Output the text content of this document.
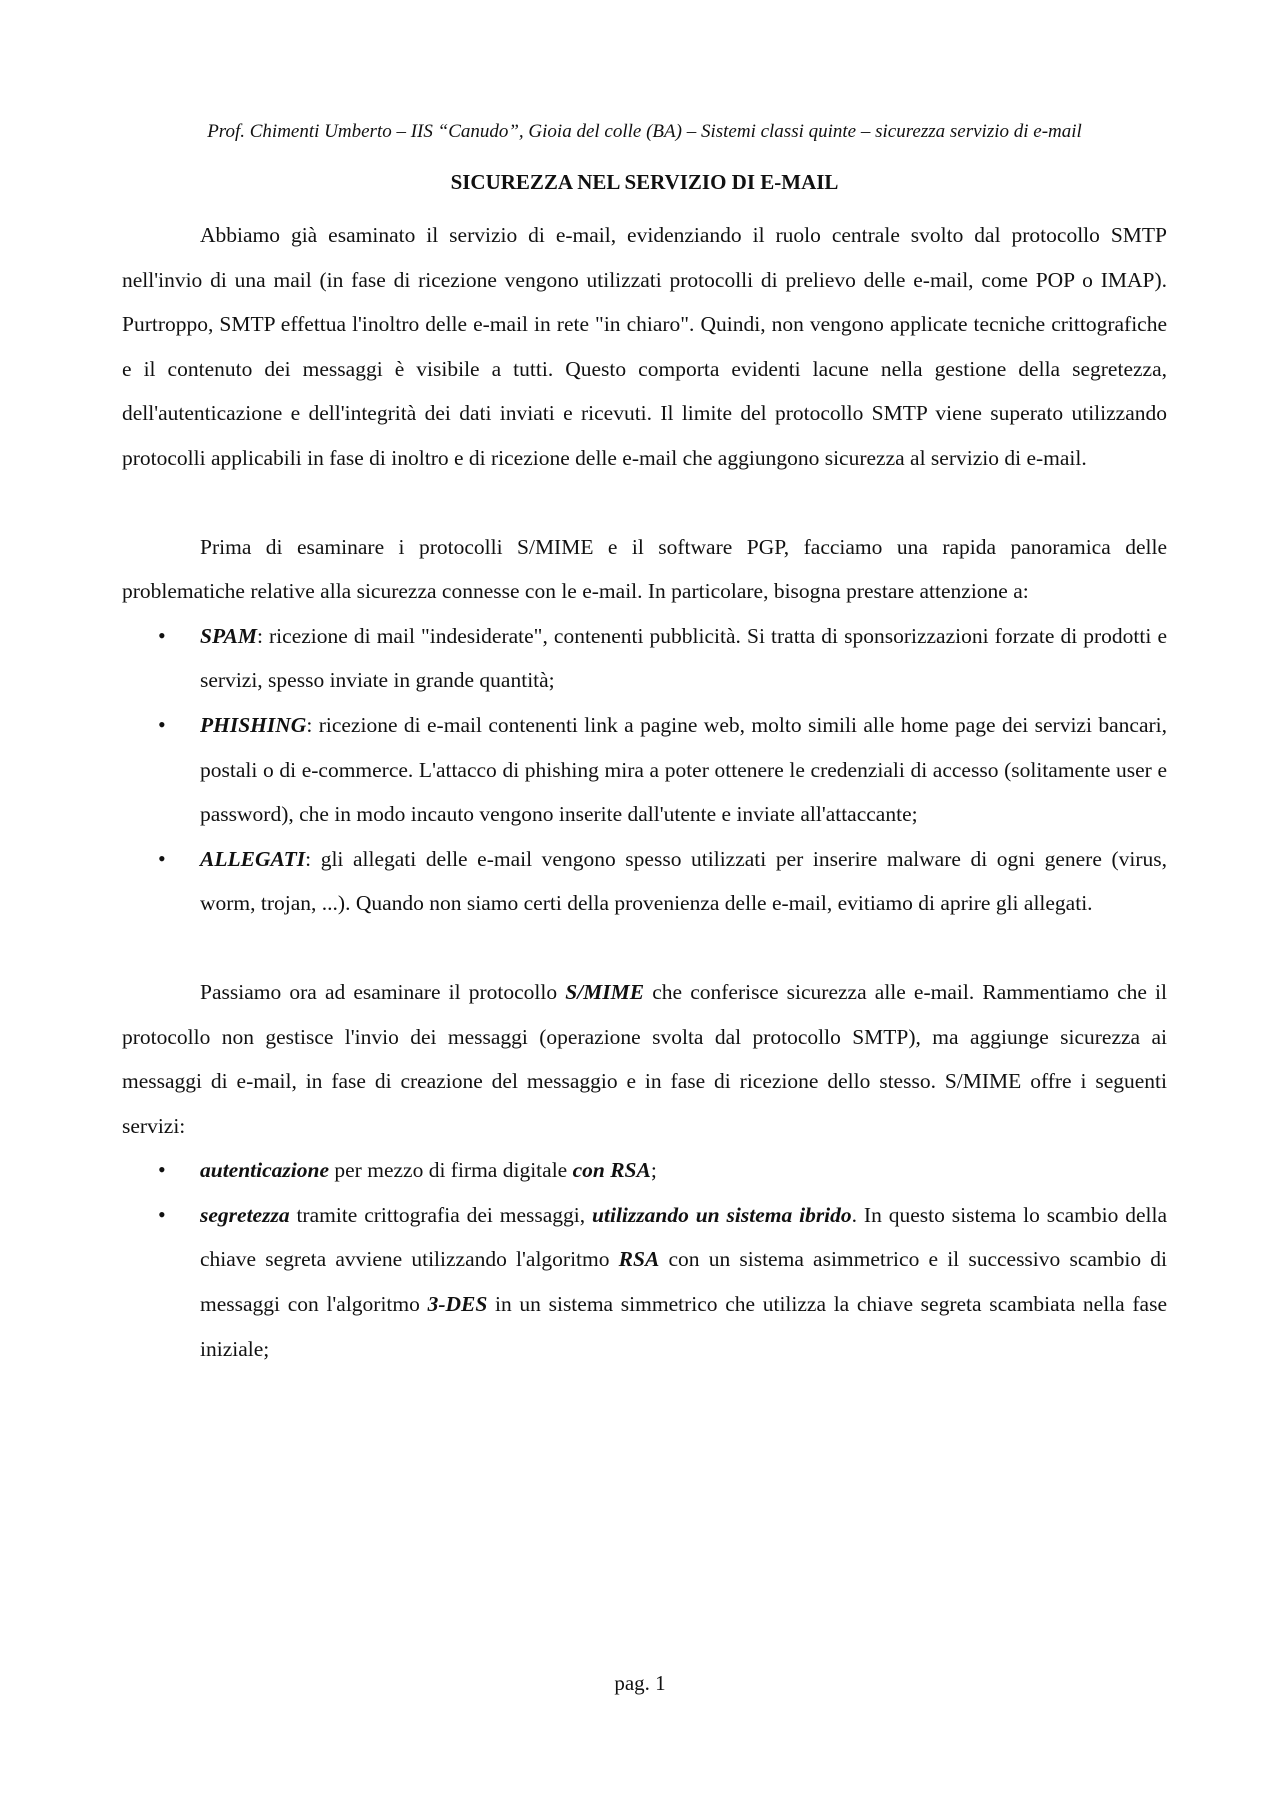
Prof. Chimenti Umberto – IIS “Canudo”, Gioia del colle (BA) – Sistemi classi quinte – sicurezza servizio di e-mail
SICUREZZA NEL SERVIZIO DI E-MAIL

Abbiamo già esaminato il servizio di e-mail, evidenziando il ruolo centrale svolto dal protocollo SMTP nell'invio di una mail (in fase di ricezione vengono utilizzati protocolli di prelievo delle e-mail, come POP o IMAP). Purtroppo, SMTP effettua l'inoltro delle e-mail in rete "in chiaro". Quindi, non vengono applicate tecniche crittografiche e il contenuto dei messaggi è visibile a tutti. Questo comporta evidenti lacune nella gestione della segretezza, dell'autenticazione e dell'integrità dei dati inviati e ricevuti. Il limite del protocollo SMTP viene superato utilizzando protocolli applicabili in fase di inoltro e di ricezione delle e-mail che aggiungono sicurezza al servizio di e-mail.

Prima di esaminare i protocolli S/MIME e il software PGP, facciamo una rapida panoramica delle problematiche relative alla sicurezza connesse con le e-mail. In particolare, bisogna prestare attenzione a:

• SPAM: ricezione di mail "indesiderate", contenenti pubblicità. Si tratta di sponsorizzazioni forzate di prodotti e servizi, spesso inviate in grande quantità;
• PHISHING: ricezione di e-mail contenenti link a pagine web, molto simili alle home page dei servizi bancari, postali o di e-commerce. L'attacco di phishing mira a poter ottenere le credenziali di accesso (solitamente user e password), che in modo incauto vengono inserite dall'utente e inviate all'attaccante;
• ALLEGATI: gli allegati delle e-mail vengono spesso utilizzati per inserire malware di ogni genere (virus, worm, trojan, ...). Quando non siamo certi della provenienza delle e-mail, evitiamo di aprire gli allegati.

Passiamo ora ad esaminare il protocollo S/MIME che conferisce sicurezza alle e-mail. Rammentiamo che il protocollo non gestisce l'invio dei messaggi (operazione svolta dal protocollo SMTP), ma aggiunge sicurezza ai messaggi di e-mail, in fase di creazione del messaggio e in fase di ricezione dello stesso. S/MIME offre i seguenti servizi:

• autenticazione per mezzo di firma digitale con RSA;
• segretezza tramite crittografia dei messaggi, utilizzando un sistema ibrido. In questo sistema lo scambio della chiave segreta avviene utilizzando l'algoritmo RSA con un sistema asimmetrico e il successivo scambio di messaggi con l'algoritmo 3-DES in un sistema simmetrico che utilizza la chiave segreta scambiata nella fase iniziale;
pag. 1
